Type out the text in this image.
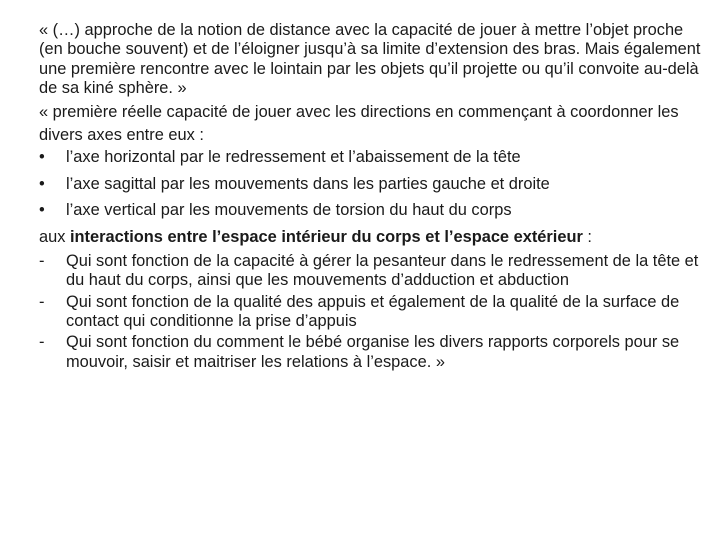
« (…) approche de la notion de distance avec la capacité de jouer à mettre l’objet proche (en bouche souvent) et de l’éloigner jusqu’à sa limite d’extension des bras. Mais également une première rencontre avec le lointain par les objets qu’il projette ou qu’il convoite au-delà de sa kiné sphère. »

« première réelle capacité de jouer avec les directions en commençant à coordonner les divers axes entre eux :

• l’axe horizontal par le redressement et l’abaissement de la tête

• l’axe sagittal par les mouvements dans les parties gauche et droite

• l’axe vertical par les mouvements de torsion du haut du corps

aux interactions entre l’espace intérieur du corps et l’espace extérieur :

- Qui sont fonction de la capacité à gérer la pesanteur dans le redressement de la tête et du haut du corps, ainsi que les mouvements d’adduction et abduction

- Qui sont fonction de la qualité des appuis et également de la qualité de la surface de contact qui conditionne la prise d’appuis

- Qui sont fonction du comment le bébé organise les divers rapports corporels pour se mouvoir, saisir et maitriser les relations à l’espace. »
